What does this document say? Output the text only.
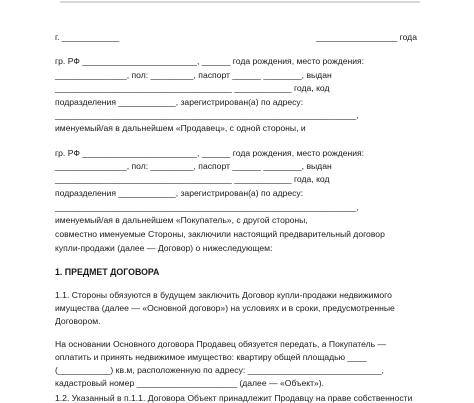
г. ____________	_________________ года
гр. РФ ________________________, ______ года рождения, место рождения:
_______________, пол: _________, паспорт ______ ________, выдан
_____________________________________ ____________ года, код
подразделения ____________, зарегистрирован(а) по адресу:
_______________________________________________________________,
именуемый/ая в дальнейшем «Продавец», с одной стороны, и
гр. РФ ________________________, ______ года рождения, место рождения:
_______________, пол: _________, паспорт ______ ________, выдан
_____________________________________ ____________ года, код
подразделения ____________, зарегистрирован(а) по адресу:
_______________________________________________________________,
именуемый/ая в дальнейшем «Покупатель», с другой стороны,
совместно именуемые Стороны, заключили настоящий предварительный договор
купли-продажи (далее — Договор) о нижеследующем:
1. ПРЕДМЕТ ДОГОВОРА
1.1. Стороны обязуются в будущем заключить Договор купли-продажи недвижимого
имущества (далее — «Основной договор») на условиях и в сроки, предусмотренные
Договором.
На основании Основного договора Продавец обязуется передать, а Покупатель —
оплатить и принять недвижимое имущество: квартиру общей площадью ____
(___________) кв.м, расположенную по адресу: ____________________________,
кадастровый номер _____________________ (далее — «Объект»).
1.2. Указанный в п.1.1. Договора Объект принадлежит Продавцу на праве собственности
